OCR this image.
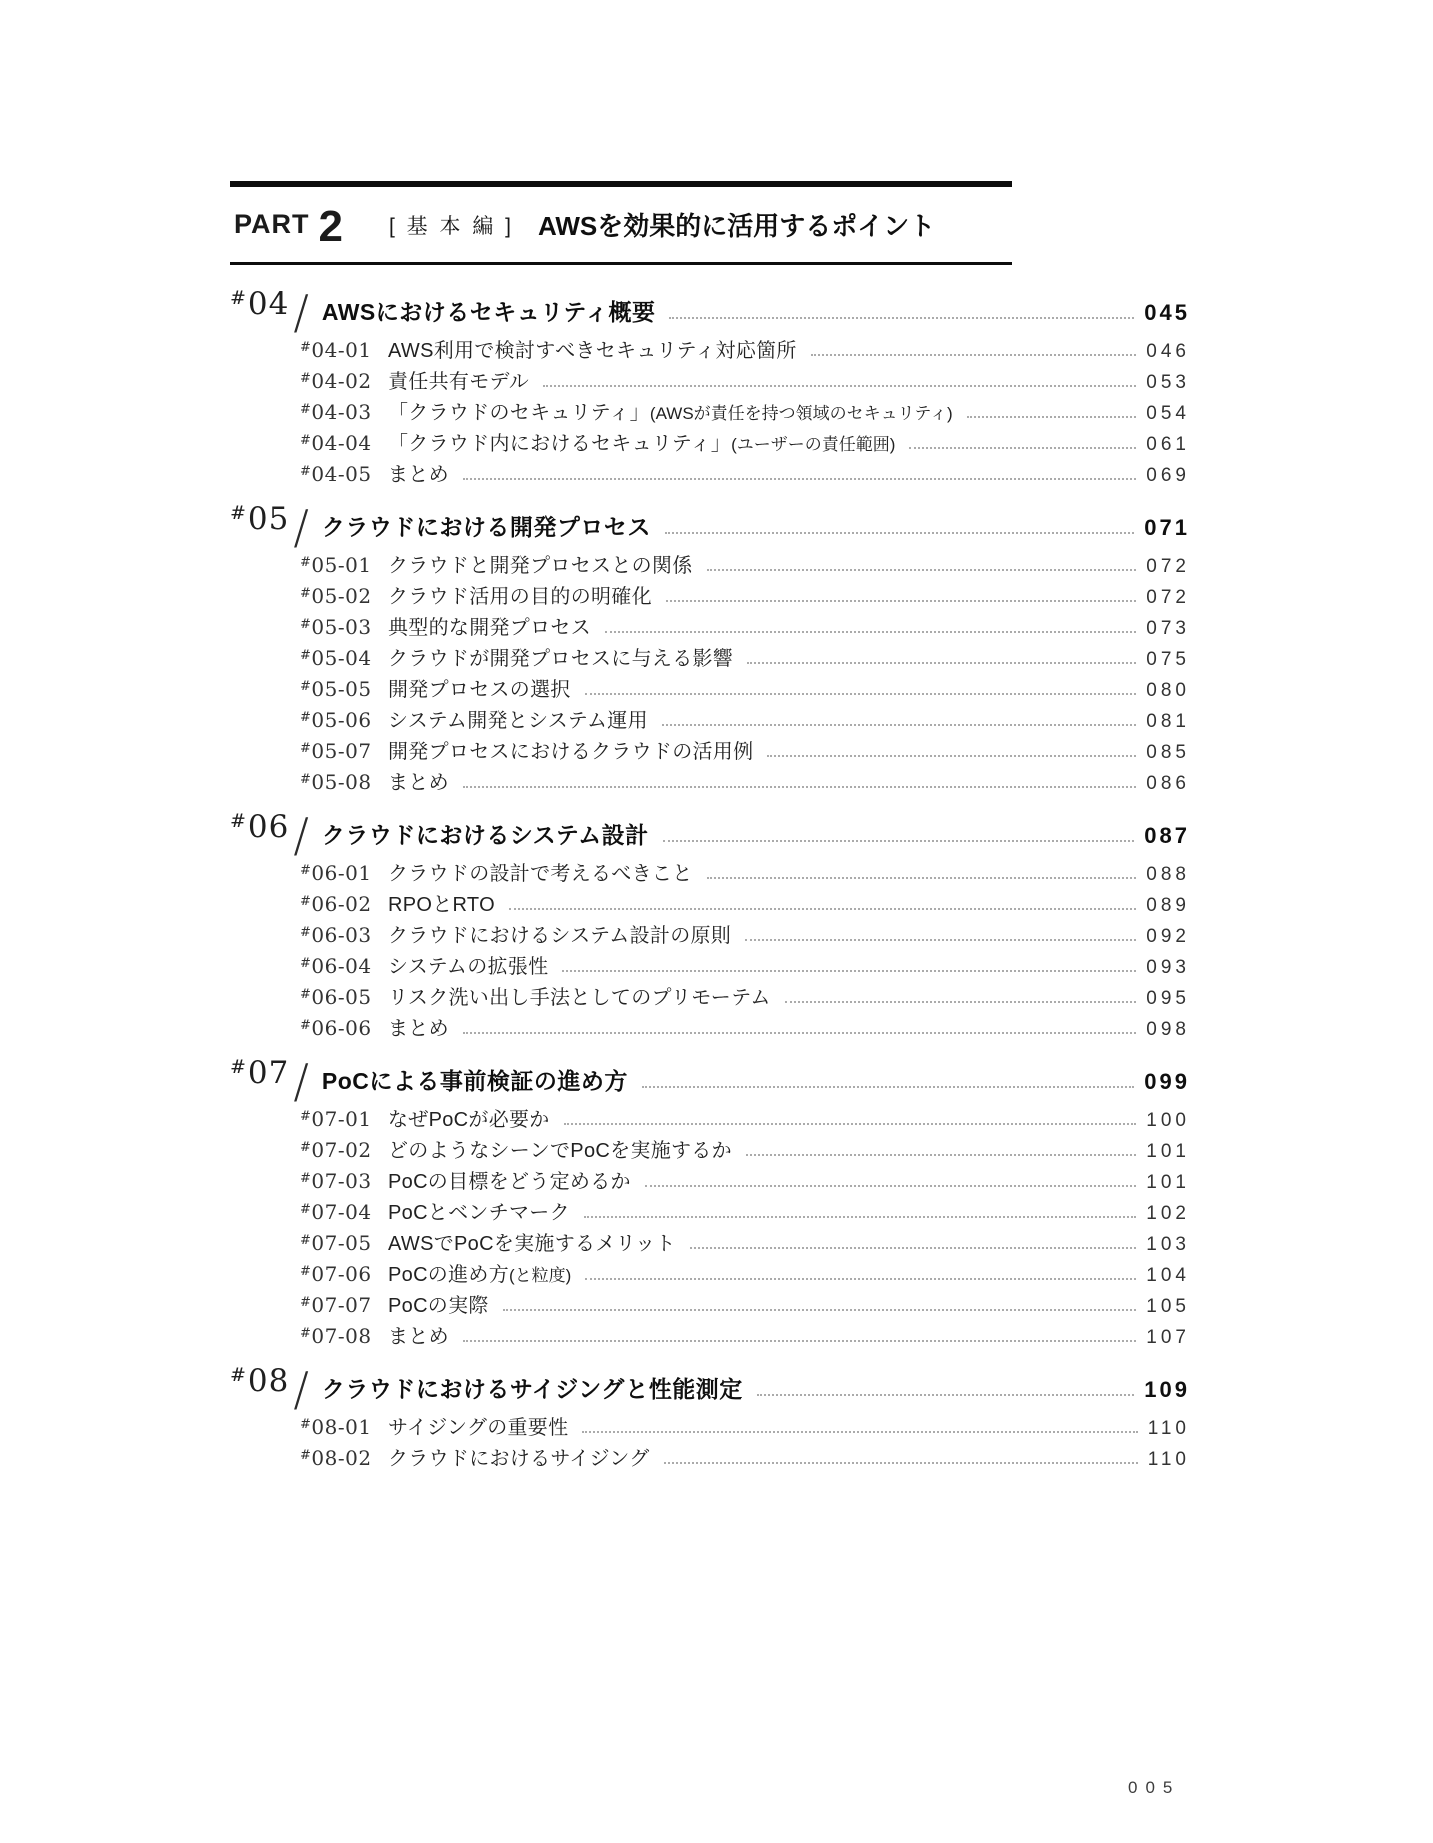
PART 2 [ 基 本 編 ] AWSを効果的に活用するポイント
#04 / AWSにおけるセキュリティ概要	045
#04-01 AWS利用で検討すべきセキュリティ対応箇所	046
#04-02 責任共有モデル	053
#04-03 「クラウドのセキュリティ」 (AWSが責任を持つ領域のセキュリティ)	054
#04-04 「クラウド内におけるセキュリティ」 (ユーザーの責任範囲)	061
#04-05 まとめ	069
#05 / クラウドにおける開発プロセス	071
#05-01 クラウドと開発プロセスとの関係	072
#05-02 クラウド活用の目的の明確化	072
#05-03 典型的な開発プロセス	073
#05-04 クラウドが開発プロセスに与える影響	075
#05-05 開発プロセスの選択	080
#05-06 システム開発とシステム運用	081
#05-07 開発プロセスにおけるクラウドの活用例	085
#05-08 まとめ	086
#06 / クラウドにおけるシステム設計	087
#06-01 クラウドの設計で考えるべきこと	088
#06-02 RPOとRTO	089
#06-03 クラウドにおけるシステム設計の原則	092
#06-04 システムの拡張性	093
#06-05 リスク洗い出し手法としてのプリモーテム	095
#06-06 まとめ	098
#07 / PoCによる事前検証の進め方	099
#07-01 なぜPoCが必要か	100
#07-02 どのようなシーンでPoCを実施するか	101
#07-03 PoCの目標をどう定めるか	101
#07-04 PoCとベンチマーク	102
#07-05 AWSでPoCを実施するメリット	103
#07-06 PoCの進め方 (と粒度)	104
#07-07 PoCの実際	105
#07-08 まとめ	107
#08 / クラウドにおけるサイジングと性能測定	109
#08-01 サイジングの重要性	110
#08-02 クラウドにおけるサイジング	110
005
